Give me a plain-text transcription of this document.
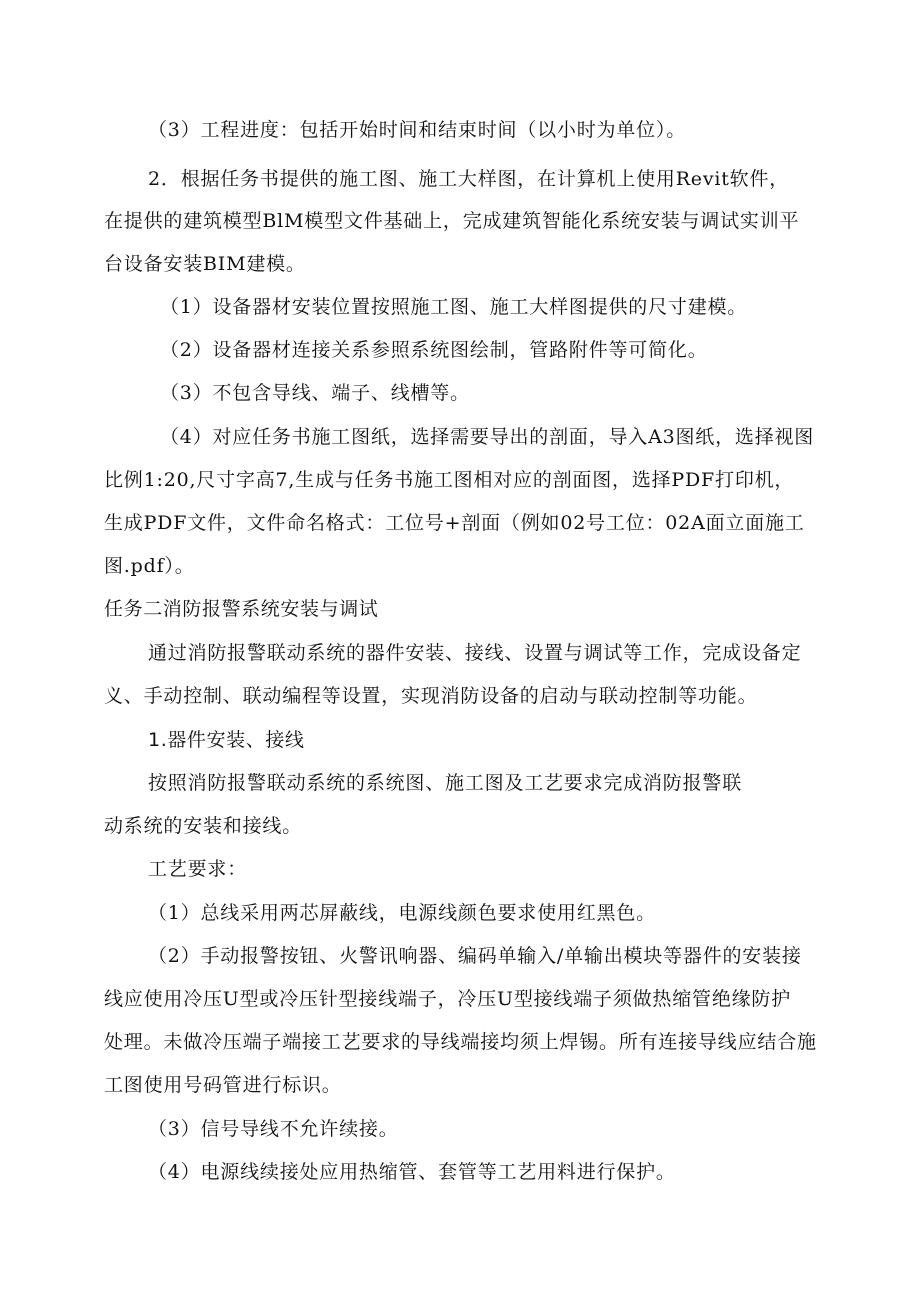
（3）工程进度：包括开始时间和结束时间（以小时为单位）。
2．根据任务书提供的施工图、施工大样图，在计算机上使用Revit软件，
在提供的建筑模型BlM模型文件基础上，完成建筑智能化系统安装与调试实训平
台设备安装BIM建模。
（1）设备器材安装位置按照施工图、施工大样图提供的尺寸建模。
（2）设备器材连接关系参照系统图绘制，管路附件等可简化。
（3）不包含导线、端子、线槽等。
（4）对应任务书施工图纸，选择需要导出的剖面，导入A3图纸，选择视图
比例1:20,尺寸字高7,生成与任务书施工图相对应的剖面图，选择PDF打印机，
生成PDF文件，文件命名格式：工位号+剖面（例如02号工位：02A面立面施工
图.pdf）。
任务二消防报警系统安装与调试
通过消防报警联动系统的器件安装、接线、设置与调试等工作，完成设备定
义、手动控制、联动编程等设置，实现消防设备的启动与联动控制等功能。
1.器件安装、接线
按照消防报警联动系统的系统图、施工图及工艺要求完成消防报警联
动系统的安装和接线。
工艺要求：
（1）总线采用两芯屏蔽线，电源线颜色要求使用红黑色。
（2）手动报警按钮、火警讯响器、编码单输入/单输出模块等器件的安装接
线应使用冷压U型或冷压针型接线端子，冷压U型接线端子须做热缩管绝缘防护
处理。未做冷压端子端接工艺要求的导线端接均须上焊锡。所有连接导线应结合施
工图使用号码管进行标识。
（3）信号导线不允许续接。
（4）电源线续接处应用热缩管、套管等工艺用料进行保护。
